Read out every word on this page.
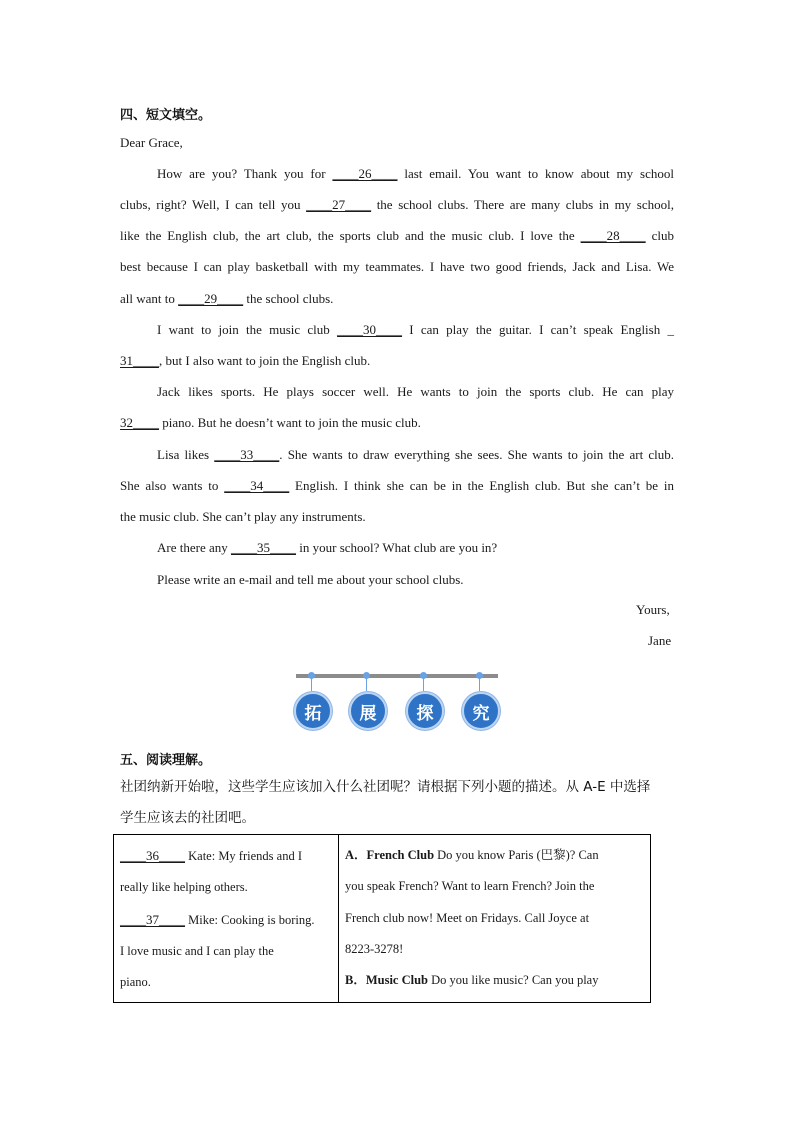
四、短文填空。
Dear Grace,
How are you? Thank you for ____26____ last email. You want to know about my school
clubs, right? Well, I can tell you ____27____ the school clubs. There are many clubs in my school,
like the English club, the art club, the sports club and the music club. I love the ____28____ club
best because I can play basketball with my teammates. I have two good friends, Jack and Lisa. We
all want to ____29____ the school clubs.
I want to join the music club ____30____ I can play the guitar. I can’t speak English _
31____, but I also want to join the English club.
Jack likes sports. He plays soccer well. He wants to join the sports club. He can play
32____ piano. But he doesn’t want to join the music club.
Lisa likes ____33____. She wants to draw everything she sees. She wants to join the art club.
She also wants to ____34____ English. I think she can be in the English club. But she can’t be in
the music club. She can’t play any instruments.
Are there any ____35____ in your school? What club are you in?
Please write an e-mail and tell me about your school clubs.
Yours,
Jane
拓	展	探	究
五、阅读理解。
社团纳新开始啦，这些学生应该加入什么社团呢？请根据下列小题的描述。从 A-E 中选择
学生应该去的社团吧。
____36____ Kate: My friends and I
really like helping others.
____37____ Mike: Cooking is boring.
I love music and I can play the
piano.

A．French Club Do you know Paris (巴黎)? Can
you speak French? Want to learn French? Join the
French club now! Meet on Fridays. Call Joyce at
8223-3278!
B．Music Club Do you like music? Can you play
